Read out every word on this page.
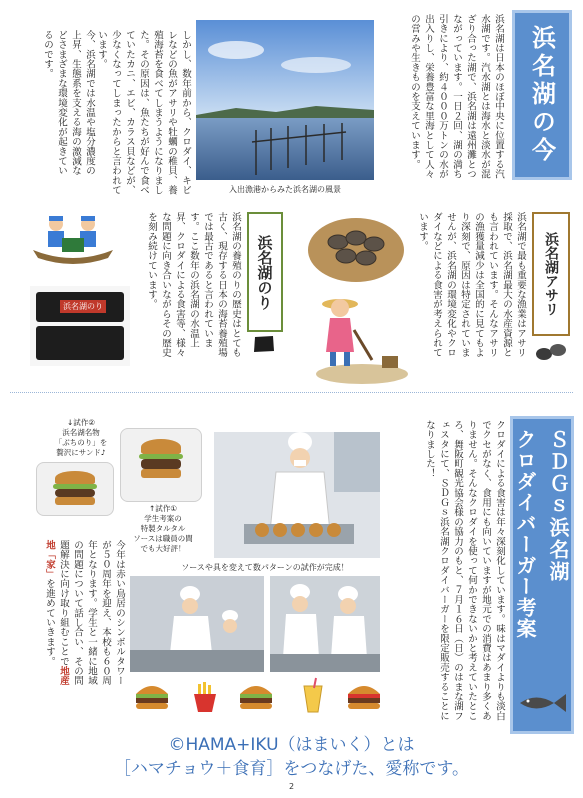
浜名湖の今
浜名湖は日本のほぼ中央に位置する汽水湖です。汽水湖とは海水と淡水が混ざり合った湖で、浜名湖は遠州灘とつながっています。一日２回、湖の満ち引きにより、約４０００万トンの水が出入りし、栄養豊富な里海として人々の営みや生きものを支えています。
入出漁港からみた浜名湖の風景
しかし、数年前から、クロダイ、キビレなどの魚がアサリや牡蠣の稚貝、養殖海苔を食べてしまうようになりました。その原因は、魚たちが好んで食べていたカニ、エビ、カラス貝などが、少なくなってしまったからと言われています。
今、浜名湖では水温や塩分濃度の上昇、生態系を支える海の激減などさまざまな環境変化が起きているのです。
浜名湖のり	浜名湖のり
浜名湖の養殖のりの歴史はとても古く、現存する日本の海苔養殖場では最古であると言われています。ここ数年の浜名湖の水温上昇、クロダイによる食害等、様々な問題に向き合いながらその歴史を刻み続けています。	浜名湖アサリ
浜名湖で最も重要な漁業はアサリ採取で、浜名湖最大の水産資源とも言われています。そんなアサリの漁獲量減少は全国的に見てもより深刻で、原因は特定されていませんが、浜名湖の環境変化やクロダイなどによる食害が考えられています。
ＳＤＧｓ浜名湖
クロダイバーガー考案
クロダイによる食害は年々深刻化しています。味はマダイよりも淡白でクセがなく、食用にも向いていますが地元での消費はあまり多くありません。そんなクロダイを使って何かできないかと考えていたところ、舞阪町観光協会様の協力のもと、７月１６日（日）のはまな湖フェスタにて、ＳＤＧｓ浜名湖クロダイバーガーを限定販売することになりました！
↓試作②
浜名湖名物
「ぶちのり」を
贅沢にサンド♪
↑試作①
学生考案の
特製タルタル
ソースは職員の間
でも大好評！
ソースや具を変えて数パターンの試作が完成！
今年は赤い鳥居のシンボルタワーが５０周年を迎え、本校も６０周年となります。学生と一緒に地域の問題について話し合い、その問題解決に向け取り組むことで地産地「家」を進めていきます。
©HAMA+IKU（はまいく）とは
［ハマチョウ＋食育］をつなげた、愛称です。
2
